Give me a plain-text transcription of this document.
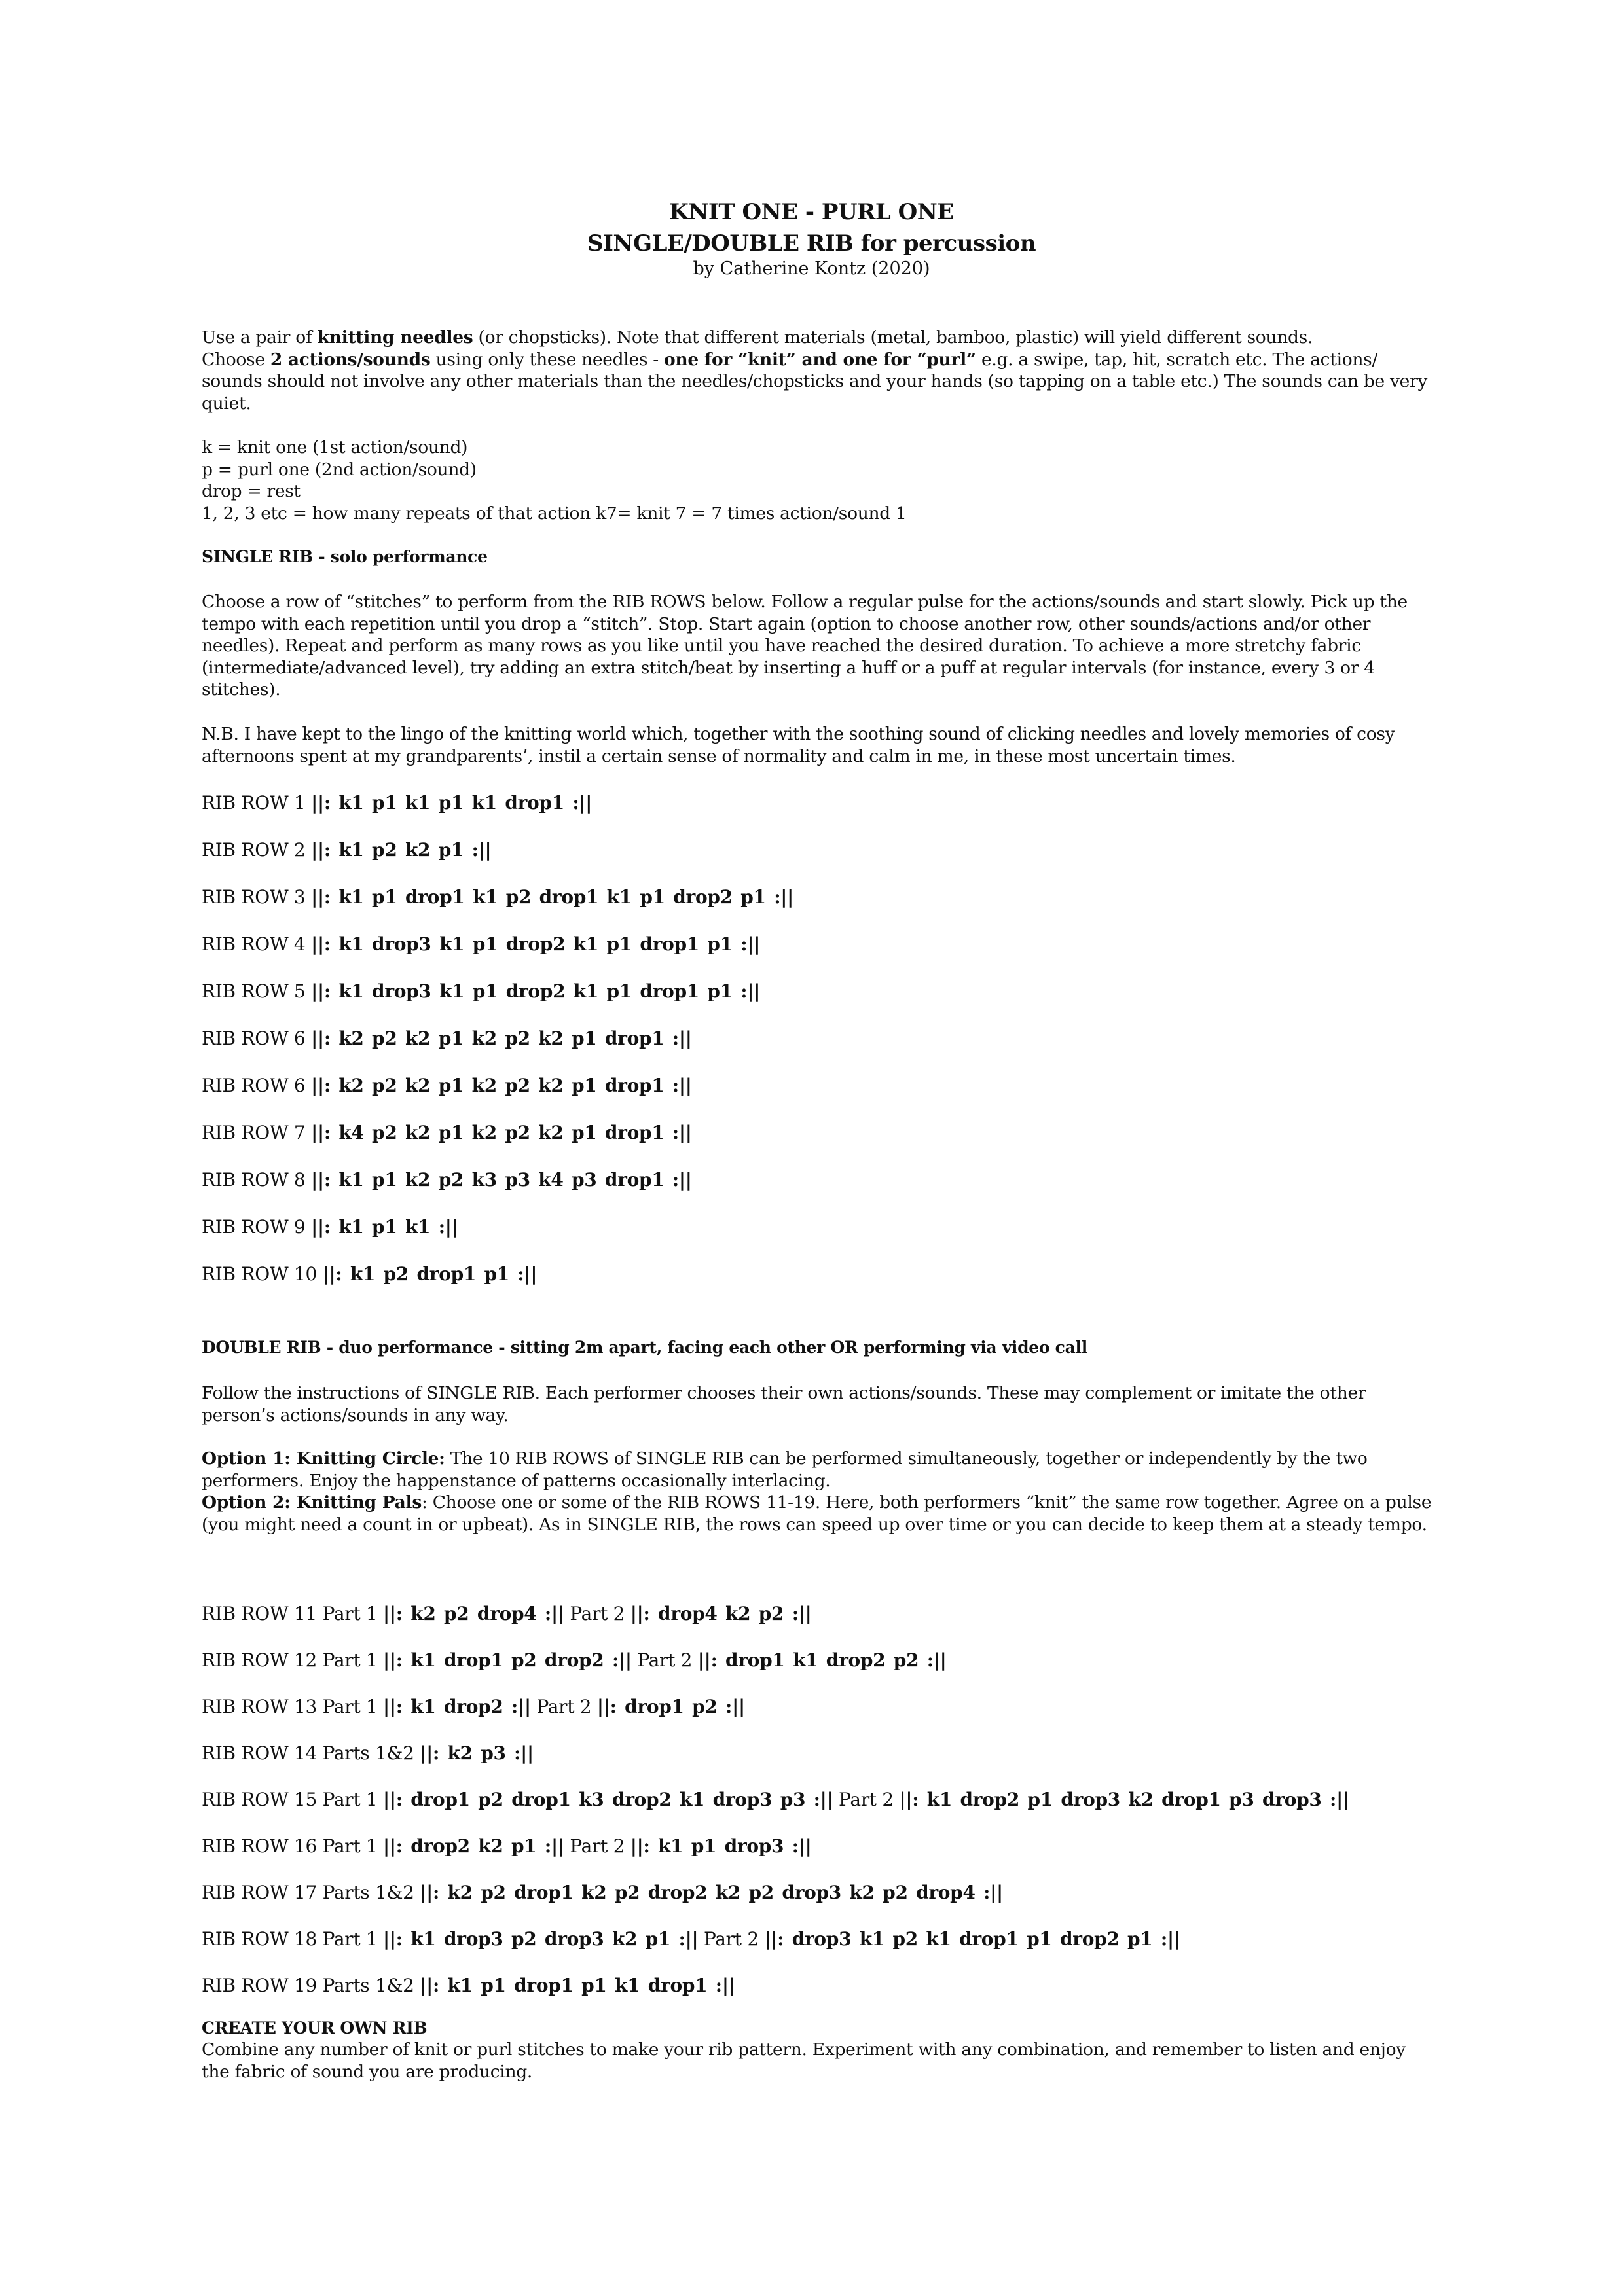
KNIT ONE - PURL ONE
SINGLE/DOUBLE RIB for percussion
by Catherine Kontz (2020)

Use a pair of knitting needles (or chopsticks). Note that different materials (metal, bamboo, plastic) will yield different sounds.

Choose 2 actions/sounds using only these needles - one for “knit” and one for “purl” e.g. a swipe, tap, hit, scratch etc. The actions/ sounds should not involve any other materials than the needles/chopsticks and your hands (so tapping on a table etc.) The sounds can be very quiet.

k = knit one (1st action/sound)

p = purl one (2nd action/sound)

drop = rest

1, 2, 3 etc = how many repeats of that action k7= knit 7 = 7 times action/sound 1

SINGLE RIB - solo performance
Choose a row of “stitches” to perform from the RIB ROWS below. Follow a regular pulse for the actions/sounds and start slowly. Pick up the tempo with each repetition until you drop a “stitch”. Stop. Start again (option to choose another row, other sounds/actions and/or other needles). Repeat and perform as many rows as you like until you have reached the desired duration. To achieve a more stretchy fabric (intermediate/advanced level), try adding an extra stitch/beat by inserting a huff or a puff at regular intervals (for instance, every 3 or 4 stitches).
N.B. I have kept to the lingo of the knitting world which, together with the soothing sound of clicking needles and lovely memories of cosy afternoons spent at my grandparents’, instil a certain sense of normality and calm in me, in these most uncertain times.
RIB ROW 1 ||: k1 p1 k1 p1 k1 drop1 :||
RIB ROW 2 ||: k1 p2 k2 p1 :||
RIB ROW 3 ||: k1 p1 drop1 k1 p2 drop1 k1 p1 drop2 p1 :||
RIB ROW 4 ||: k1 drop3 k1 p1 drop2 k1 p1 drop1 p1 :||
RIB ROW 5 ||: k1 drop3 k1 p1 drop2 k1 p1 drop1 p1 :||
RIB ROW 6 ||: k2 p2 k2 p1 k2 p2 k2 p1 drop1 :||
RIB ROW 6 ||: k2 p2 k2 p1 k2 p2 k2 p1 drop1 :||
RIB ROW 7 ||: k4 p2 k2 p1 k2 p2 k2 p1 drop1 :||
RIB ROW 8 ||: k1 p1 k2 p2 k3 p3 k4 p3 drop1 :||
RIB ROW 9 ||: k1 p1 k1 :||
RIB ROW 10 ||: k1 p2 drop1 p1 :||
DOUBLE RIB - duo performance - sitting 2m apart, facing each other OR performing via video call
Follow the instructions of SINGLE RIB. Each performer chooses their own actions/sounds. These may complement or imitate the other person’s actions/sounds in any way.

Option 1: Knitting Circle: The 10 RIB ROWS of SINGLE RIB can be performed simultaneously, together or independently by the two performers. Enjoy the happenstance of patterns occasionally interlacing.

Option 2: Knitting Pals: Choose one or some of the RIB ROWS 11-19. Here, both performers “knit” the same row together. Agree on a pulse (you might need a count in or upbeat). As in SINGLE RIB, the rows can speed up over time or you can decide to keep them at a steady tempo.

RIB ROW 11 Part 1 ||: k2 p2 drop4 :|| Part 2 ||: drop4 k2 p2 :||
RIB ROW 12 Part 1 ||: k1 drop1 p2 drop2 :|| Part 2 ||: drop1 k1 drop2 p2 :||
RIB ROW 13 Part 1 ||: k1 drop2 :|| Part 2 ||: drop1 p2 :||
RIB ROW 14 Parts 1&2 ||: k2 p3 :||
RIB ROW 15 Part 1 ||: drop1 p2 drop1 k3 drop2 k1 drop3 p3 :|| Part 2 ||: k1 drop2 p1 drop3 k2 drop1 p3 drop3 :||
RIB ROW 16 Part 1 ||: drop2 k2 p1 :|| Part 2 ||: k1 p1 drop3 :||
RIB ROW 17 Parts 1&2 ||: k2 p2 drop1 k2 p2 drop2 k2 p2 drop3 k2 p2 drop4 :||
RIB ROW 18 Part 1 ||: k1 drop3 p2 drop3 k2 p1 :|| Part 2 ||: drop3 k1 p2 k1 drop1 p1 drop2 p1 :||
RIB ROW 19 Parts 1&2 ||: k1 p1 drop1 p1 k1 drop1 :||
CREATE YOUR OWN RIB
Combine any number of knit or purl stitches to make your rib pattern. Experiment with any combination, and remember to listen and enjoy the fabric of sound you are producing.
